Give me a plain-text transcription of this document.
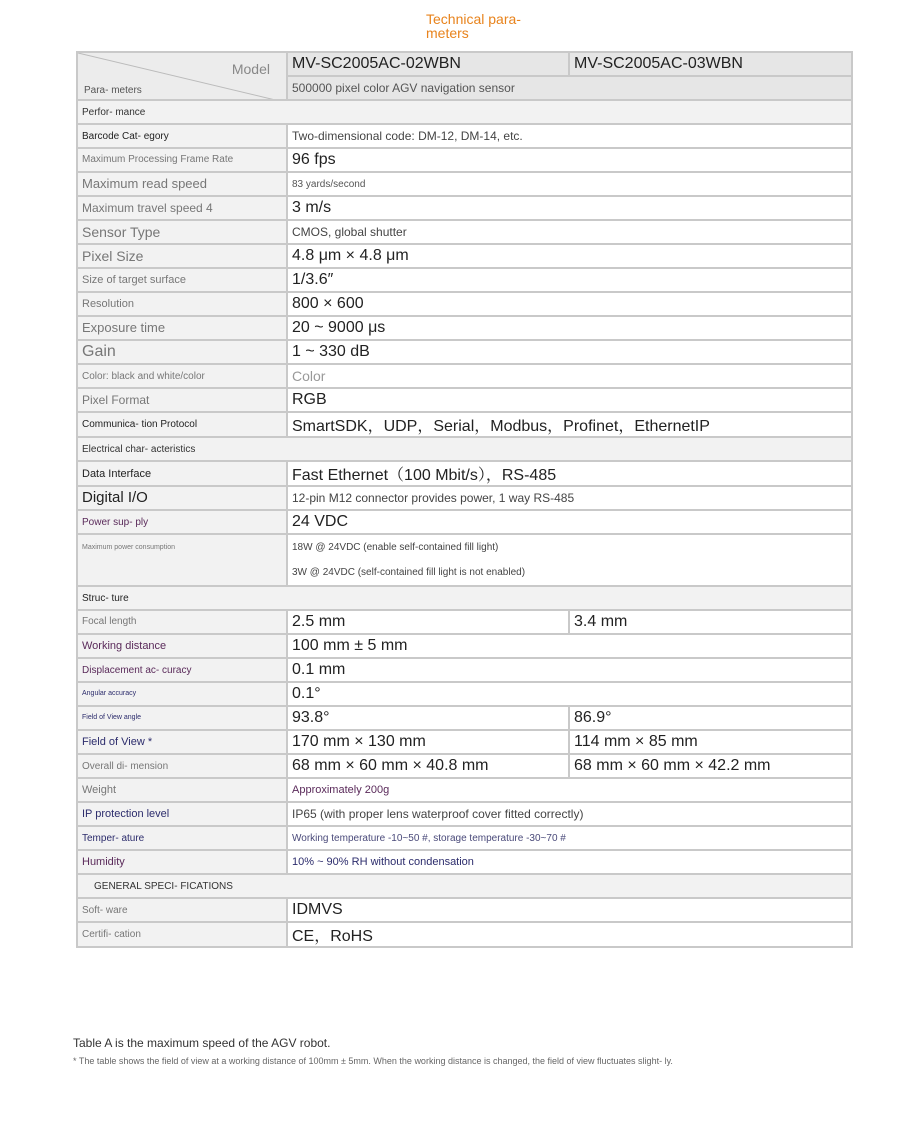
Technical para- meters
Model
Para- meters	MV-SC2005AC-02WBN	MV-SC2005AC-03WBN
	500000 pixel color AGV navigation sensor	
Perfor- mance		
Barcode Cat- egory	Two-dimensional code: DM-12, DM-14, etc.	
Maximum Processing Frame Rate	96 fps	
Maximum read speed	83 yards/second	
Maximum travel speed 4	3 m/s	
Sensor Type	CMOS, global shutter	
Pixel Size	4.8 μm × 4.8 μm	
Size of target surface	1/3.6″	
Resolution	800 × 600	
Exposure time	20 ~ 9000 μs	
Gain	1 ~ 330 dB	
Color: black and white/color	Color	
Pixel Format	RGB	
Communica- tion Protocol	SmartSDK，UDP，Serial，Modbus，Profinet，EthernetIP	
Electrical char- acteristics		
Data Interface	Fast Ethernet（100 Mbit/s），RS-485	
Digital I/O	12-pin M12 connector provides power, 1 way RS-485	
Power sup- ply	24 VDC	
Maximum power consumption	18W @ 24VDC (enable self-contained fill light)
3W @ 24VDC (self-contained fill light is not enabled)	

Struc- ture		
Focal length	2.5 mm	3.4 mm
Working distance	100 mm ± 5 mm	
Displacement ac- curacy	0.1 mm	
Angular accuracy	0.1°	
Field of View angle	93.8°	86.9°
Field of View *	170 mm × 130 mm	114 mm × 85 mm
Overall di- mension	68 mm × 60 mm × 40.8 mm	68 mm × 60 mm × 42.2 mm
Weight	Approximately 200g	
IP protection level	IP65 (with proper lens waterproof cover fitted correctly)	
Temper- ature	Working temperature -10~50 #, storage temperature -30~70 #	
Humidity	10% ~ 90% RH without condensation	
GENERAL SPECI- FICATIONS		
Soft- ware	IDMVS	
Certifi- cation	CE，RoHS	
Table A is the maximum speed of the AGV robot.
* The table shows the field of view at a working distance of 100mm ± 5mm. When the working distance is changed, the field of view fluctuates slight- ly.
